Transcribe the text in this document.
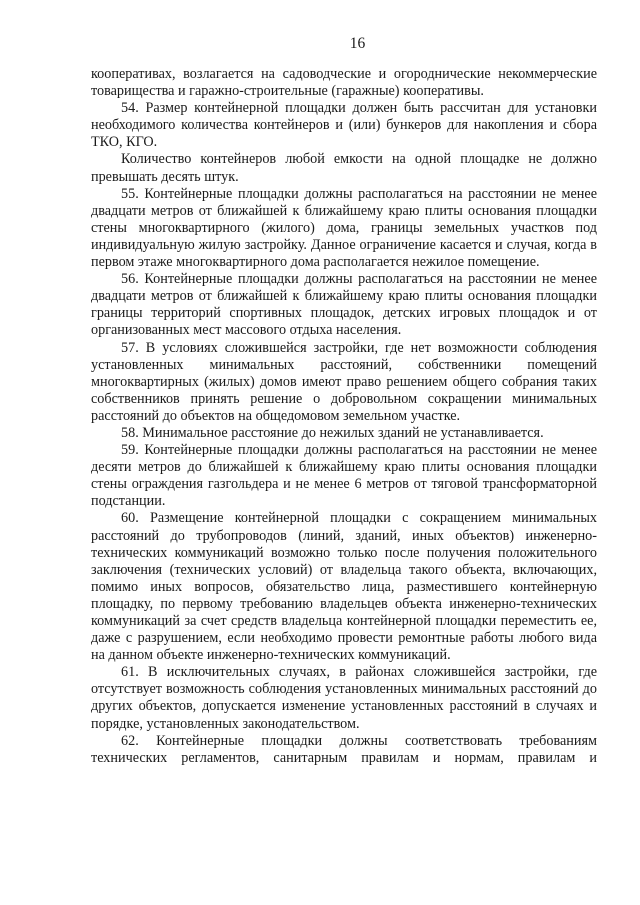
16

кооперативах, возлагается на садоводческие и огороднические некоммерческие товарищества и гаражно-строительные (гаражные) кооперативы.

54. Размер контейнерной площадки должен быть рассчитан для установки необходимого количества контейнеров и (или) бункеров для накопления и сбора ТКО, КГО.

Количество контейнеров любой емкости на одной площадке не должно превышать десять штук.

55. Контейнерные площадки должны располагаться на расстоянии не менее двадцати метров от ближайшей к ближайшему краю плиты основания площадки стены многоквартирного (жилого) дома, границы земельных участков под индивидуальную жилую застройку. Данное ограничение касается и случая, когда в первом этаже многоквартирного дома располагается нежилое помещение.

56. Контейнерные площадки должны располагаться на расстоянии не менее двадцати метров от ближайшей к ближайшему краю плиты основания площадки границы территорий спортивных площадок, детских игровых площадок и от организованных мест массового отдыха населения.

57. В условиях сложившейся застройки, где нет возможности соблюдения установленных минимальных расстояний, собственники помещений многоквартирных (жилых) домов имеют право решением общего собрания таких собственников принять решение о добровольном сокращении минимальных расстояний до объектов на общедомовом земельном участке.

58. Минимальное расстояние до нежилых зданий не устанавливается.

59. Контейнерные площадки должны располагаться на расстоянии не менее десяти метров до ближайшей к ближайшему краю плиты основания площадки стены ограждения газгольдера и не менее 6 метров от тяговой трансформаторной подстанции.

60. Размещение контейнерной площадки с сокращением минимальных расстояний до трубопроводов (линий, зданий, иных объектов) инженерно-технических коммуникаций возможно только после получения положительного заключения (технических условий) от владельца такого объекта, включающих, помимо иных вопросов, обязательство лица, разместившего контейнерную площадку, по первому требованию владельцев объекта инженерно-технических коммуникаций за счет средств владельца контейнерной площадки переместить ее, даже с разрушением, если необходимо провести ремонтные работы любого вида на данном объекте инженерно-технических коммуникаций.

61. В исключительных случаях, в районах сложившейся застройки, где отсутствует возможность соблюдения установленных минимальных расстояний до других объектов, допускается изменение установленных расстояний в случаях и порядке, установленных законодательством.

62. Контейнерные площадки должны соответствовать требованиям технических регламентов, санитарным правилам и нормам, правилам и
